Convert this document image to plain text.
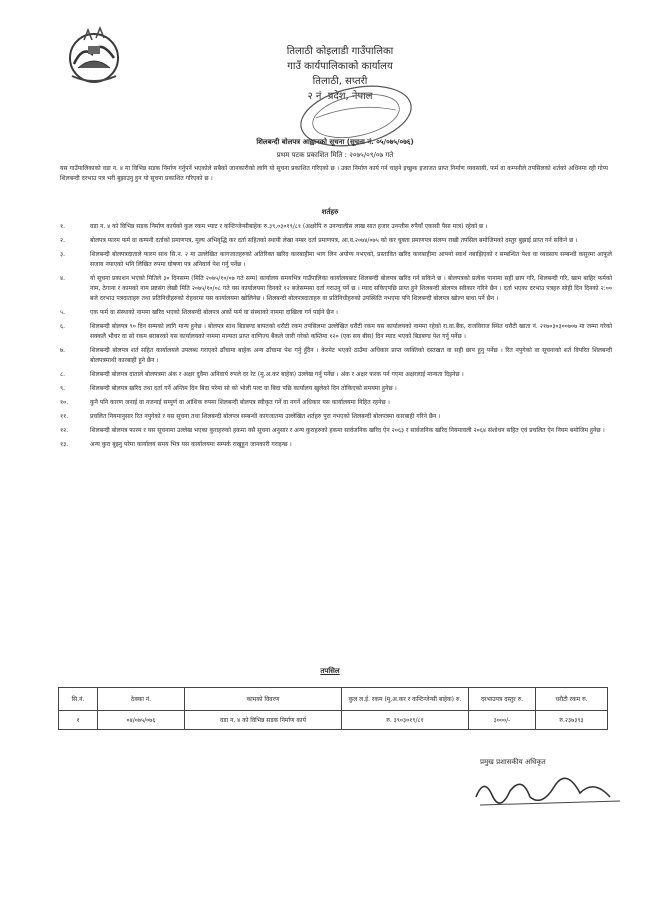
तिलाठी कोइलाडी गाउँपालिका
गाउँ कार्यपालिकाको कार्यालय
तिलाठी, सप्तरी
२ नं. प्रदेश, नेपाल
शिलबन्दी बोलपत्र आह्वानको सूचना (सूचना नं. ०५/०७५/०७६)
प्रथम पटक प्रकाशित मिति : २०७५/०९/०७ गते
यस गाउँपालिकाको वडा न. ४ मा विभिन्न सडक निर्माण गर्नुपर्ने भएकोले सबैको जानकारीको लागि यो सूचना प्रकाशित गरिएको छ । उक्त निर्माण कार्य गर्न चाहने इच्छुक इजाजत प्राप्त निर्माण व्यवसायी, फर्म वा कम्पनीले तपसिलको शर्तको अधिनमा रही गोप्य शिलबन्दी दरभाउ पत्र भरी बुझाउनु हुन यो सूचना प्रकाशित गरिएको छ ।
शर्तहरु
१.	वडा न. ४ को विभिन्न सडक निर्माण कार्यको कुल रकम भ्याट र कन्टिन्जेन्सीबाहेक रु.३९,०३०१९/८१ (अक्षरेपि रु उनन्चालीस लाख सात हजार उनन्तीस रुपैयाँ एकासी पैसा मात्र) रहेको छ ।
२.	बोलपत्र फारम फर्म वा कम्पनी दर्ताको प्रमाणपत्र, मूल्य अभिवृद्धि कर दर्ता सहितको स्थायी लेखा नम्बर दर्ता प्रमाणपत्र, आ.व.२०७४/०७५ को कर चुक्ता प्रमाणपत्र संलग्न राखी तपसिल बमोजिमको दस्तुर बुझाई प्राप्त गर्न सकिने छ ।
३.	शिलबन्दी बोलपत्रदाताले फारम साथ सि.न. २ मा उल्लेखित कागजातहरुको अतिरिक्त खरिद कारबाहीमा भाग लिन अयोग्य नभएको, प्रस्तावित खरिद कारबाहीमा आफ्नो स्वार्थ नबाझिएको र सम्बन्धित पेशा वा व्यवसाय सम्बन्धी कसुरमा आफूले सजाय नपाएको भनि लिखित रुपमा घोषणा पत्र अनिवार्य पेश गर्नु पर्नेछ ।
४.	यो सूचना प्रकाशन भएको मितिले ३० दिनसम्म (मिति २०७५/१०/०७ गते सम्म) कार्यालय समयभित्र गाउँपालिका कार्यालयबाट शिलबन्दी बोलपत्र खरिद गर्न सकिने छ । बोलपत्रको प्रत्येक पानामा सही छाप गरि, शिलबन्दी गरि, खाम बाहिर फर्मको नाम, ठेगाना र कामको नाम प्रष्टसंग लेखी मिति २०७५/१०/०८ गते यस कार्यालयमा दिनको १२ बजेसम्ममा दर्ता गराउनु पर्ने छ । म्याद सकिएपछि प्राप्त हुने शिलबन्दी बोलपत्र स्वीकार गरिने छैन । दर्ता भएका दरभाउ पत्रहरु सोही दिन दिनको २:०० बजे दरभाउ पत्रदाताहरु तथा प्रतिनिधीहरुको रोहवरमा यस कार्यालयमा खोलिनेछ । शिलबन्दी बोलपत्रदाताहरु वा प्रतिनिधीहरुको उपस्थिति नभएमा पनि शिलबन्दी बोलपत्र खोल्न बाधा पर्ने छैन ।
५.	एक फर्म वा संस्थाको नाममा खरिद भएको शिलबन्दी बोलपत्र अर्को फर्म वा संस्थाको नाममा दाखिला गर्न पाईने छैन ।
६.	शिलबन्दी बोलपत्र ९० दिन सम्मको लागि मान्य हुनेछ । बोलपत्र साथ बिडबण्ड बापतको धरौटी रकम तपसिलमा उल्लेखित धरौटी रकम यस कार्यालयको नाममा रहेको रा.वा.बैंक, राजविराज स्थित धरौटी खाता नं. २१७०३०३००७०७ मा जम्मा गरेको सक्कलै भौचर वा सो रकम बराबरको यस कार्यालयको नाममा मान्यता प्राप्त वाणिज्य बैंकले जारी गरेको कम्तिमा १२० (एक सय बीस) दिन म्याद भएको बिडबण्ड पेश गर्नु पर्नेछ ।
७.	शिलबन्दी बोलपत्र शर्त सहित कार्यालयले उपलब्ध गराएको ढाँचामा बाहेक अन्य ढाँचामा पेश गर्नु हुँदैन । केरमेट भएको ठाउँमा अधिकार प्राप्त व्यक्तिको दस्तखत वा सही छाप हुनु पर्नेछ । रित नपुगेको वा सूचनाको शर्त विपरित शिलबन्दी बोलपत्रमाथी कारबाही हुने छैन ।
८.	शिलबन्दी बोलपत्र दाताले बोलपत्रमा अंक र अक्षर दुवैमा अनिवार्य रुपले दर रेट (मु.अ.कर बाहेक) उल्लेख गर्नु पर्नेछ । अंक र अक्षर फरक पर्न गएमा अक्षरलाई मान्यता दिइनेछ ।
९.	शिलबन्दी बोलपत्र खरिद तथा दर्ता गर्ने अन्तिम दिन बिदा परेमा सो को भोली पल्ट वा बिदा पछि कार्यालय खुलेको दिन तोकिएको समयमा हुनेछ ।
१०.	कुनै पनि कारण जनाई वा नजनाई सम्पूर्ण वा आंशिक रुपमा शिलबन्दी बोलपत्र स्वीकृत गर्ने वा नगर्ने अधिकार यस कार्यालयमा निहित रहनेछ ।
११.	प्रचलित नियमानुसार रित नपुगेको र यस सूचना तथा शिलबन्दी बोलपत्र सम्बन्धी कागजातमा उल्लेखित शर्तहरु पुरा नभएको शिलबन्दी बोलपत्रमा कारबाही गरिने छैन ।
१२.	शिलबन्दी बोलपत्र फारम र यस सूचनामा उल्लेख भएका कुराहरुको हकमा यसै सूचना अनुसार र अन्य कुराहरुको हकमा सार्वजनिक खरिद ऐन २०६३ र सार्वजनिक खरिद नियमावली २०६४ संशोधन सहित एवं प्रचलित ऐन नियम बमोजिम हुनेछ ।
१३.	अन्य कुरा बुझ्नु परेमा कार्यालय समय भित्र यस कार्यालयमा सम्पर्क राखुहुन जानकारी गराइन्छ ।
तपसिल
सि.नं.	ठेक्का नं.	कामको विवरण	कुल ल.ई. रकम (मु.अ.कर र कन्टिन्जेन्सी बाहेक) रु.	दरभाउपत्र दस्तुर रु.	धरौटी रकम रु.
१	०४/०७५/०७६	वडा न. ४ को विभिन्न सडक निर्माण कार्य	रु. ३९०३०१९/८१	३०००/-	रु.२३७३९३
प्रमुख प्रशासकीय अधिकृत
